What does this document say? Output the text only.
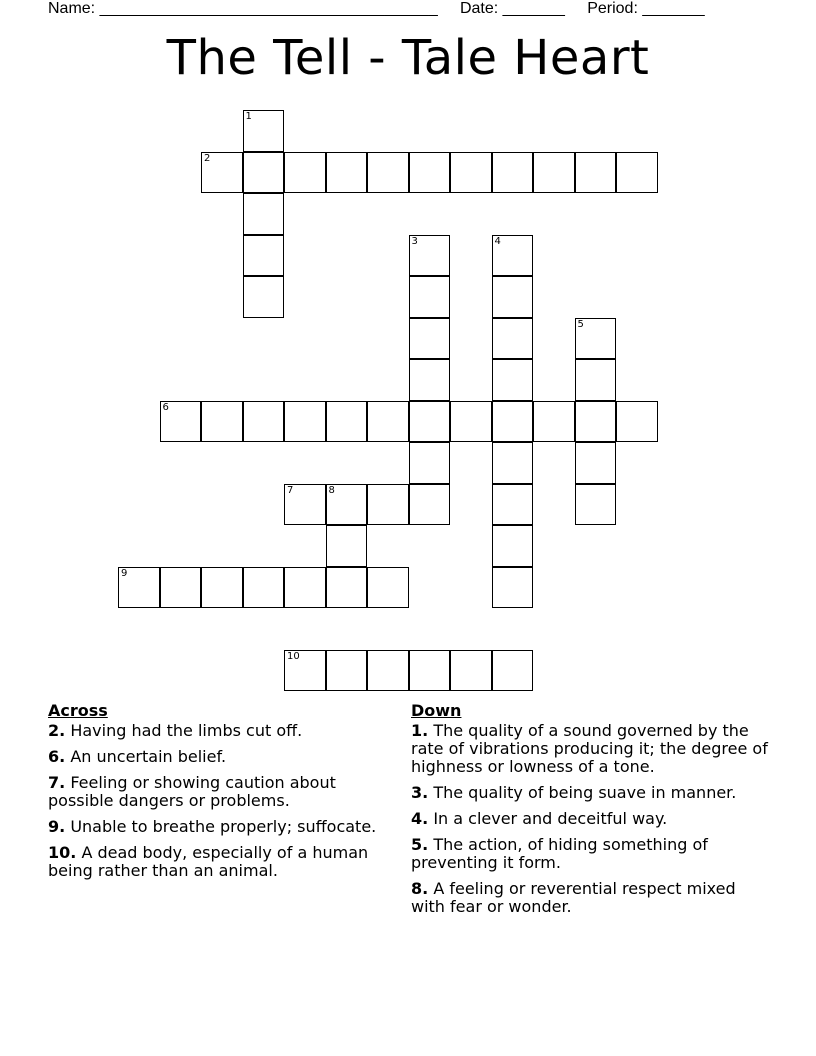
Name: ______________________________________ Date: _______ Period: _______
The Tell - Tale Heart
1
2
3	4
5
6
7	8
9
10
Across
2. Having had the limbs cut off.
6. An uncertain belief.
7. Feeling or showing caution about possible dangers or problems.
9. Unable to breathe properly; suffocate.
10. A dead body, especially of a human being rather than an animal.
Down
1. The quality of a sound governed by the rate of vibrations producing it; the degree of highness or lowness of a tone.
3. The quality of being suave in manner.
4. In a clever and deceitful way.
5. The action, of hiding something of preventing it form.
8. A feeling or reverential respect mixed with fear or wonder.
